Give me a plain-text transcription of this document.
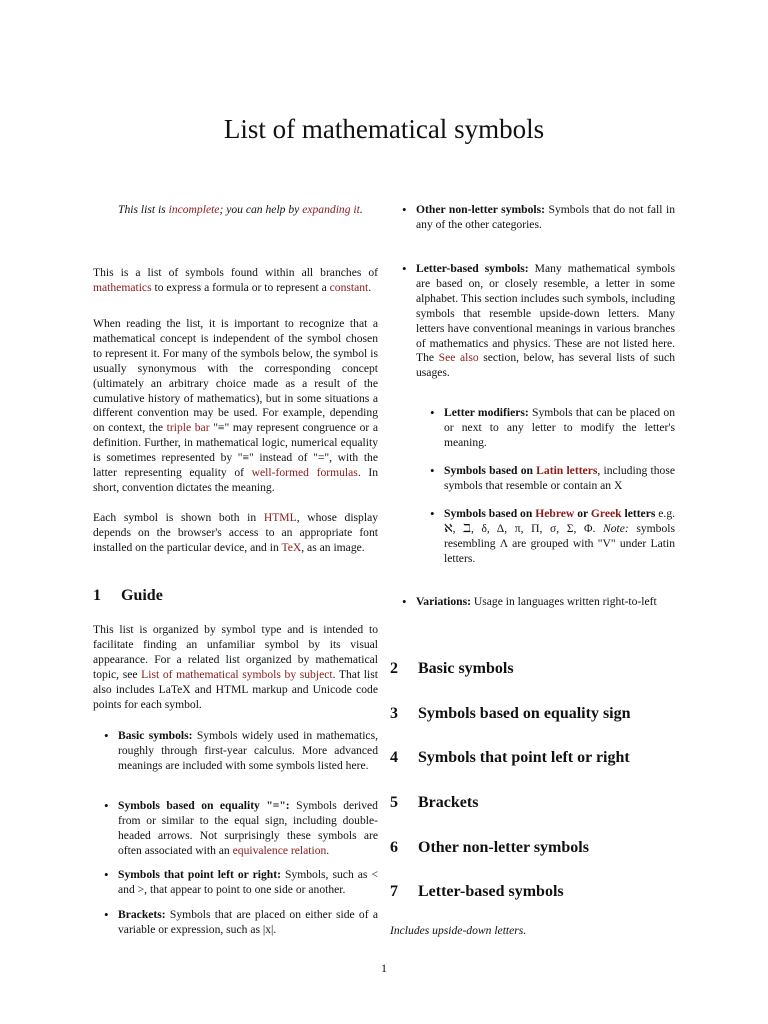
List of mathematical symbols

This list is incomplete; you can help by expanding it.

This is a list of symbols found within all branches of mathematics to express a formula or to represent a constant.

When reading the list, it is important to recognize that a mathematical concept is independent of the symbol chosen to represent it. For many of the symbols below, the symbol is usually synonymous with the corresponding concept (ultimately an arbitrary choice made as a result of the cumulative history of mathematics), but in some situations a different convention may be used. For example, depending on context, the triple bar "≡" may represent congruence or a definition. Further, in mathematical logic, numerical equality is sometimes represented by "≡" instead of "=", with the latter representing equality of well-formed formulas. In short, convention dictates the meaning.

Each symbol is shown both in HTML, whose display depends on the browser's access to an appropriate font installed on the particular device, and in TeX, as an image.

1 Guide

This list is organized by symbol type and is intended to facilitate finding an unfamiliar symbol by its visual appearance. For a related list organized by mathematical topic, see List of mathematical symbols by subject. That list also includes LaTeX and HTML markup and Unicode code points for each symbol.

• Basic symbols: Symbols widely used in mathematics, roughly through first-year calculus. More advanced meanings are included with some symbols listed here.
• Symbols based on equality "=": Symbols derived from or similar to the equal sign, including double-headed arrows. Not surprisingly these symbols are often associated with an equivalence relation.
• Symbols that point left or right: Symbols, such as < and >, that appear to point to one side or another.
• Brackets: Symbols that are placed on either side of a variable or expression, such as |x|.
• Other non-letter symbols: Symbols that do not fall in any of the other categories.
• Letter-based symbols: Many mathematical symbols are based on, or closely resemble, a letter in some alphabet. This section includes such symbols, including symbols that resemble upside-down letters. Many letters have conventional meanings in various branches of mathematics and physics. These are not listed here. The See also section, below, has several lists of such usages.
• Letter modifiers: Symbols that can be placed on or next to any letter to modify the letter's meaning.
• Symbols based on Latin letters, including those symbols that resemble or contain an X
• Symbols based on Hebrew or Greek letters e.g. ℵ, ℶ, δ, Δ, π, Π, σ, Σ, Φ. Note: symbols resembling Λ are grouped with "V" under Latin letters.
• Variations: Usage in languages written right-to-left
2 Basic symbols
3 Symbols based on equality sign
4 Symbols that point left or right
5 Brackets
6 Other non-letter symbols
7 Letter-based symbols

Includes upside-down letters.

1
